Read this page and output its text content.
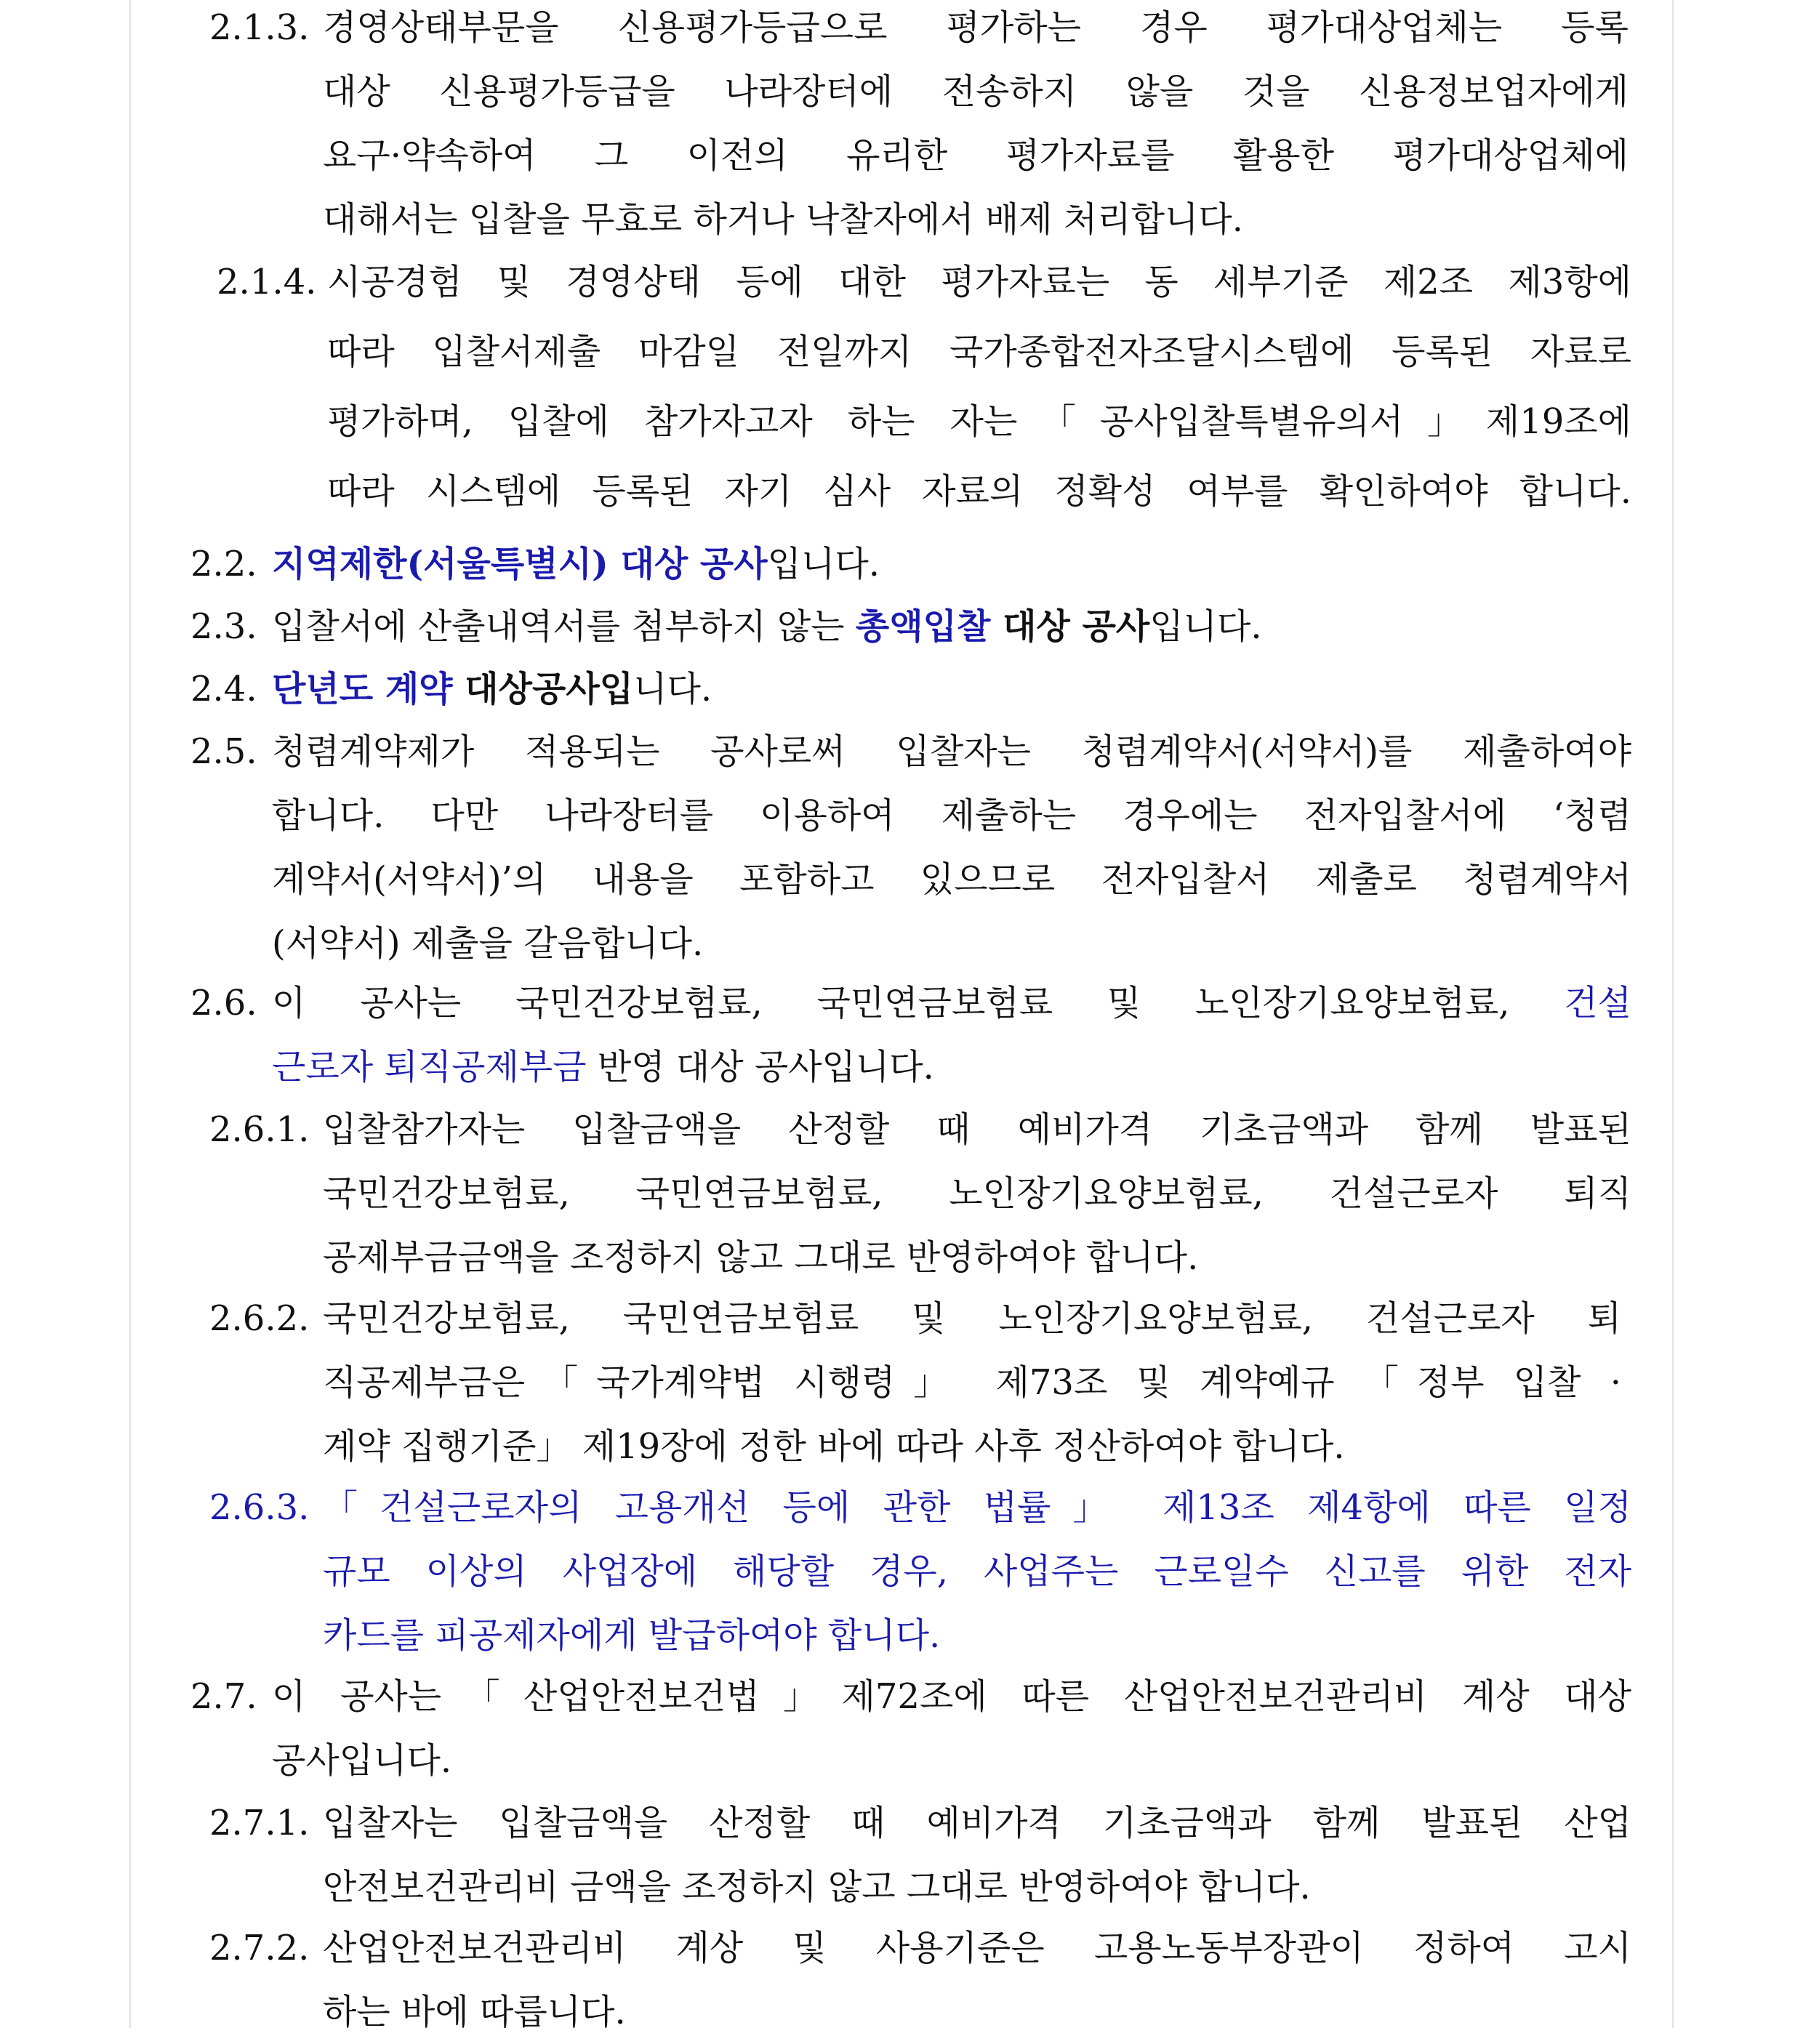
2.1.3. 경영상태부문을 신용평가등급으로 평가하는 경우 평가대상업체는 등록
대상 신용평가등급을 나라장터에 전송하지 않을 것을 신용정보업자에게
요구·약속하여 그 이전의 유리한 평가자료를 활용한 평가대상업체에
대해서는 입찰을 무효로 하거나 낙찰자에서 배제 처리합니다.
2.1.4. 시공경험 및 경영상태 등에 대한 평가자료는 동 세부기준 제2조 제3항에
따라 입찰서제출 마감일 전일까지 국가종합전자조달시스템에 등록된 자료로
평가하며, 입찰에 참가자고자 하는 자는「공사입찰특별유의서」제19조에
따라 시스템에 등록된 자기 심사 자료의 정확성 여부를 확인하여야 합니다.
2.2. 지역제한(서울특별시) 대상 공사입니다.
2.3. 입찰서에 산출내역서를 첨부하지 않는 총액입찰 대상 공사입니다.
2.4. 단년도 계약 대상공사입니다.
2.5. 청렴계약제가 적용되는 공사로써 입찰자는 청렴계약서(서약서)를 제출하여야
합니다. 다만 나라장터를 이용하여 제출하는 경우에는 전자입찰서에 ‘청렴
계약서(서약서)’의 내용을 포함하고 있으므로 전자입찰서 제출로 청렴계약서
(서약서) 제출을 갈음합니다.
2.6. 이 공사는 국민건강보험료, 국민연금보험료 및 노인장기요양보험료, 건설
근로자 퇴직공제부금 반영 대상 공사입니다.
2.6.1. 입찰참가자는 입찰금액을 산정할 때 예비가격 기초금액과 함께 발표된
국민건강보험료, 국민연금보험료, 노인장기요양보험료, 건설근로자 퇴직
공제부금금액을 조정하지 않고 그대로 반영하여야 합니다.
2.6.2. 국민건강보험료, 국민연금보험료 및 노인장기요양보험료, 건설근로자 퇴
직공제부금은「국가계약법 시행령」 제73조 및 계약예규 「정부 입찰 ·
계약 집행기준」 제19장에 정한 바에 따라 사후 정산하여야 합니다.
2.6.3. 「건설근로자의 고용개선 등에 관한 법률」 제13조 제4항에 따른 일정
규모 이상의 사업장에 해당할 경우, 사업주는 근로일수 신고를 위한 전자
카드를 피공제자에게 발급하여야 합니다.
2.7. 이 공사는「산업안전보건법」제72조에 따른 산업안전보건관리비 계상 대상
공사입니다.
2.7.1. 입찰자는 입찰금액을 산정할 때 예비가격 기초금액과 함께 발표된 산업
안전보건관리비 금액을 조정하지 않고 그대로 반영하여야 합니다.
2.7.2. 산업안전보건관리비 계상 및 사용기준은 고용노동부장관이 정하여 고시
하는 바에 따릅니다.
